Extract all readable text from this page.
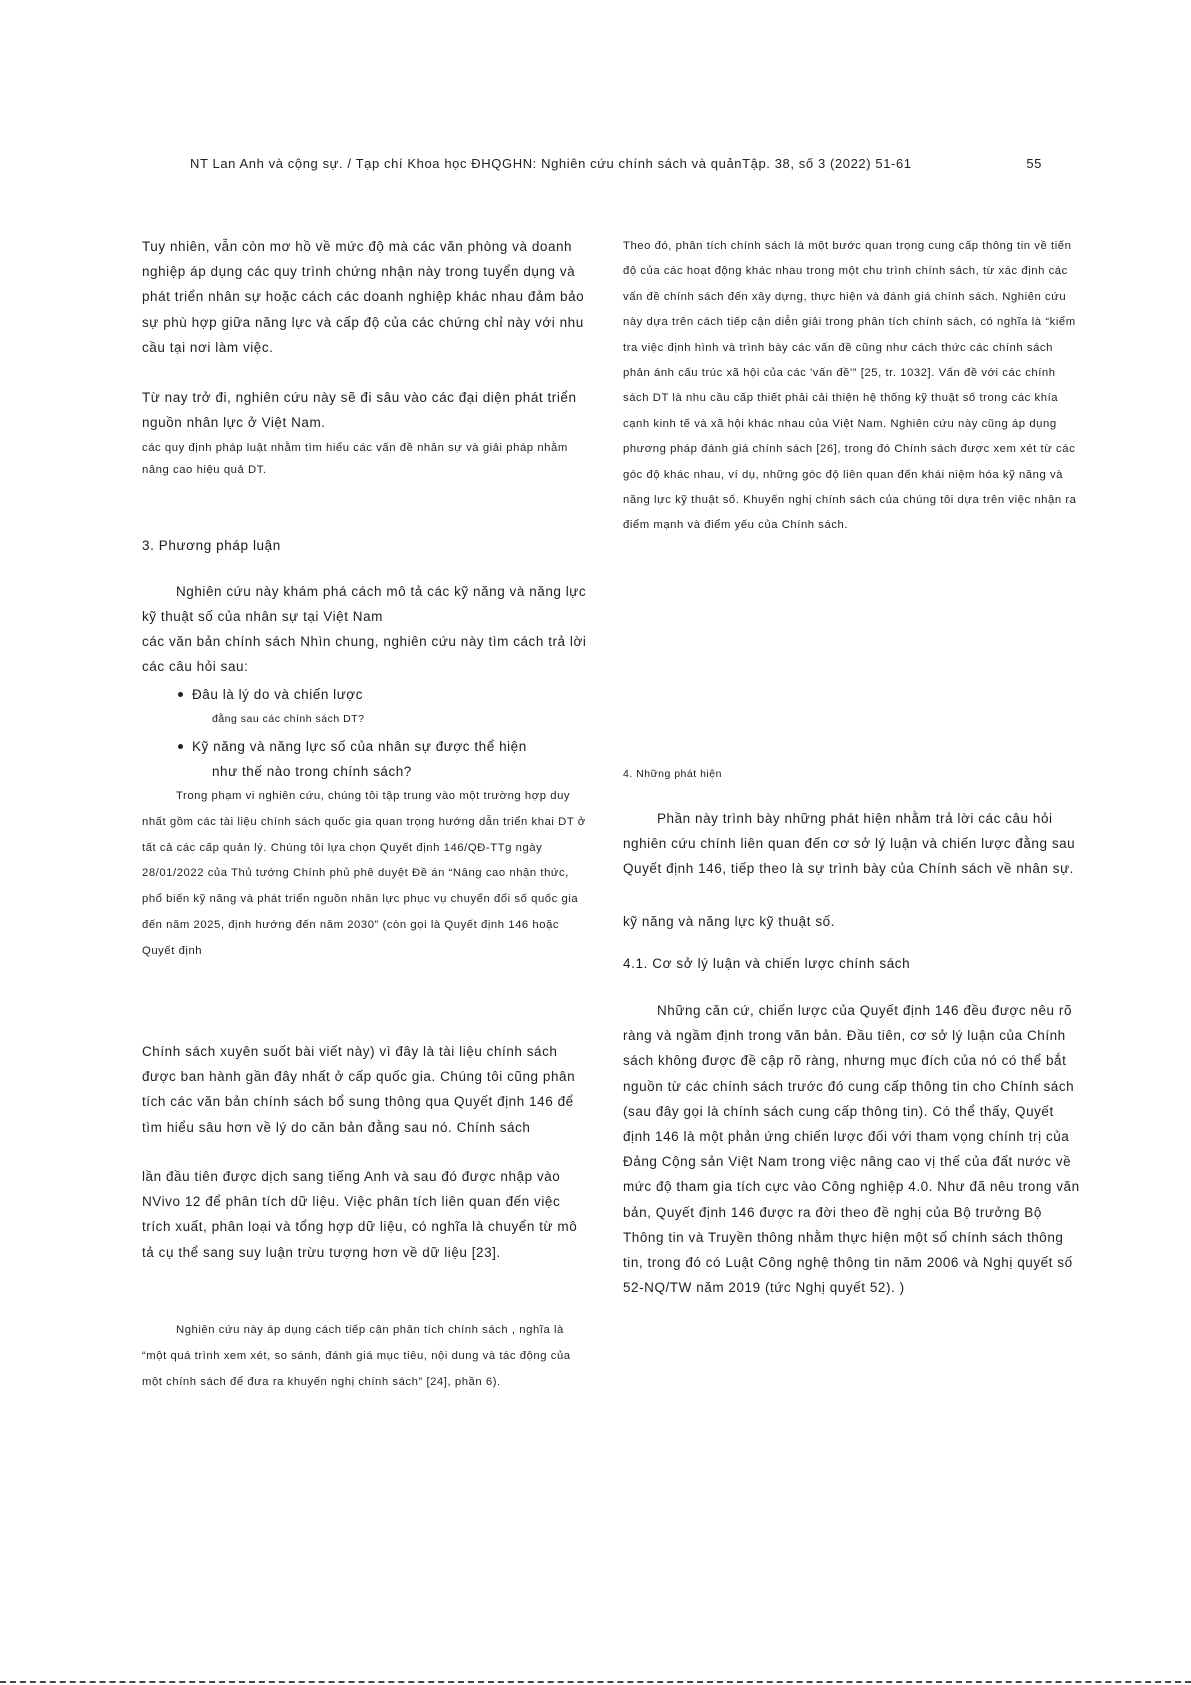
NT Lan Anh và cộng sự. / Tạp chí Khoa học ĐHQGHN: Nghiên cứu chính sách và quảnTập. 38, số 3 (2022) 51-61	55

Tuy nhiên, vẫn còn mơ hồ về mức độ mà các văn phòng và doanh nghiệp áp dụng các quy trình chứng nhận này trong tuyển dụng và phát triển nhân sự hoặc cách các doanh nghiệp khác nhau đảm bảo sự phù hợp giữa năng lực và cấp độ của các chứng chỉ này với nhu cầu tại nơi làm việc.

Từ nay trở đi, nghiên cứu này sẽ đi sâu vào các đại diện phát triển nguồn nhân lực ở Việt Nam.

các quy định pháp luật nhằm tìm hiểu các vấn đề nhân sự và giải pháp nhằm nâng cao hiệu quả DT.

3. Phương pháp luận

Nghiên cứu này khám phá cách mô tả các kỹ năng và năng lực kỹ thuật số của nhân sự tại Việt Nam

các văn bản chính sách Nhìn chung, nghiên cứu này tìm cách trả lời các câu hỏi sau:

Đâu là lý do và chiến lược
đằng sau các chính sách DT?
Kỹ năng và năng lực số của nhân sự được thể hiện
như thế nào trong chính sách?

Trong phạm vi nghiên cứu, chúng tôi tập trung vào một trường hợp duy nhất gồm các tài liệu chính sách quốc gia quan trọng hướng dẫn triển khai DT ở tất cả các cấp quản lý. Chúng tôi lựa chọn Quyết định 146/QĐ-TTg ngày 28/01/2022 của Thủ tướng Chính phủ phê duyệt Đề án “Nâng cao nhận thức, phổ biến kỹ năng và phát triển nguồn nhân lực phục vụ chuyển đổi số quốc gia đến năm 2025, định hướng đến năm 2030” (còn gọi là Quyết định 146 hoặc Quyết định

Chính sách xuyên suốt bài viết này) vì đây là tài liệu chính sách được ban hành gần đây nhất ở cấp quốc gia. Chúng tôi cũng phân tích các văn bản chính sách bổ sung thông qua Quyết định 146 để tìm hiểu sâu hơn về lý do căn bản đằng sau nó. Chính sách

lần đầu tiên được dịch sang tiếng Anh và sau đó được nhập vào NVivo 12 để phân tích dữ liệu. Việc phân tích liên quan đến việc trích xuất, phân loại và tổng hợp dữ liệu, có nghĩa là chuyển từ mô tả cụ thể sang suy luận trừu tượng hơn về dữ liệu [23].

Nghiên cứu này áp dụng cách tiếp cận phân tích chính sách , nghĩa là “một quá trình xem xét, so sánh, đánh giá mục tiêu, nội dung và tác động của một chính sách để đưa ra khuyến nghị chính sách” [24], phần 6).

Theo đó, phân tích chính sách là một bước quan trọng cung cấp thông tin về tiến độ của các hoạt động khác nhau trong một chu trình chính sách, từ xác định các vấn đề chính sách đến xây dựng, thực hiện và đánh giá chính sách. Nghiên cứu này dựa trên cách tiếp cận diễn giải trong phân tích chính sách, có nghĩa là “kiểm tra việc định hình và trình bày các vấn đề cũng như cách thức các chính sách phản ánh cấu trúc xã hội của các 'vấn đề'” [25, tr. 1032]. Vấn đề với các chính sách DT là nhu cầu cấp thiết phải cải thiện hệ thống kỹ thuật số trong các khía cạnh kinh tế và xã hội khác nhau của Việt Nam. Nghiên cứu này cũng áp dụng phương pháp đánh giá chính sách [26], trong đó Chính sách được xem xét từ các góc độ khác nhau, ví dụ, những góc độ liên quan đến khái niệm hóa kỹ năng và năng lực kỹ thuật số. Khuyến nghị chính sách của chúng tôi dựa trên việc nhận ra điểm mạnh và điểm yếu của Chính sách.

4. Những phát hiện

Phần này trình bày những phát hiện nhằm trả lời các câu hỏi nghiên cứu chính liên quan đến cơ sở lý luận và chiến lược đằng sau Quyết định 146, tiếp theo là sự trình bày của Chính sách về nhân sự.

kỹ năng và năng lực kỹ thuật số.

4.1. Cơ sở lý luận và chiến lược chính sách

Những căn cứ, chiến lược của Quyết định 146 đều được nêu rõ ràng và ngầm định trong văn bản. Đầu tiên, cơ sở lý luận của Chính sách không được đề cập rõ ràng, nhưng mục đích của nó có thể bắt nguồn từ các chính sách trước đó cung cấp thông tin cho Chính sách (sau đây gọi là chính sách cung cấp thông tin). Có thể thấy, Quyết định 146 là một phản ứng chiến lược đối với tham vọng chính trị của Đảng Cộng sản Việt Nam trong việc nâng cao vị thế của đất nước về mức độ tham gia tích cực vào Công nghiệp 4.0. Như đã nêu trong văn bản, Quyết định 146 được ra đời theo đề nghị của Bộ trưởng Bộ Thông tin và Truyền thông nhằm thực hiện một số chính sách thông tin, trong đó có Luật Công nghệ thông tin năm 2006 và Nghị quyết số 52-NQ/TW năm 2019 (tức Nghị quyết 52). )
